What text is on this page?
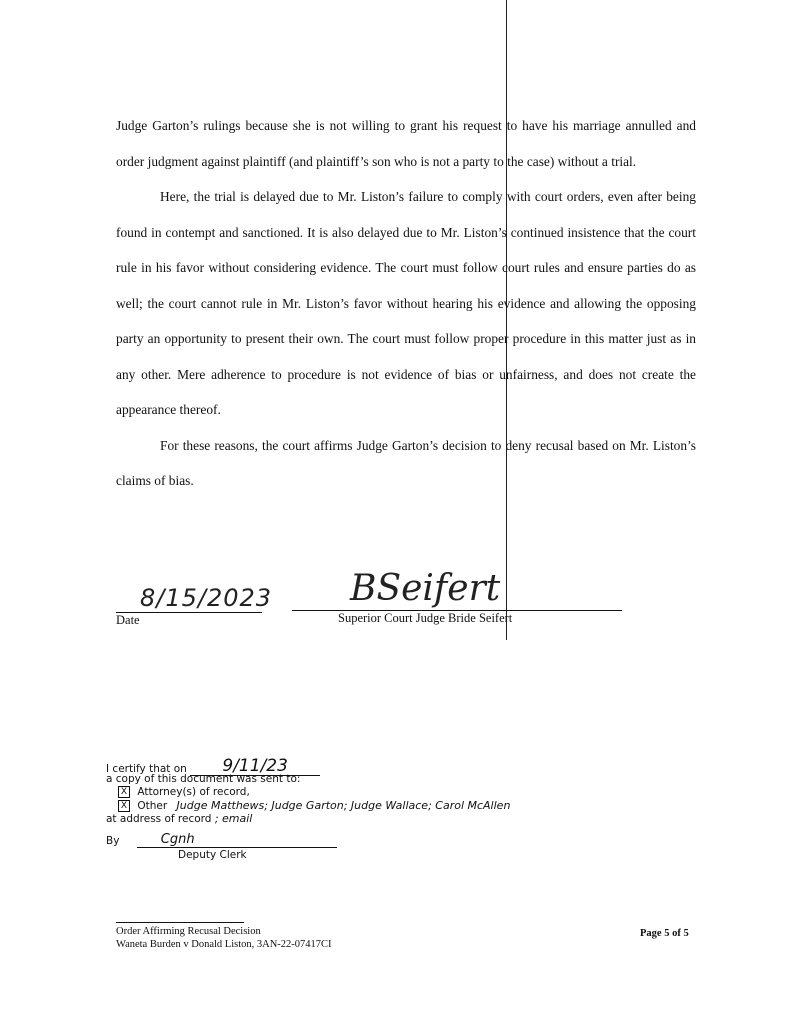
Judge Garton’s rulings because she is not willing to grant his request to have his marriage annulled and order judgment against plaintiff (and plaintiff’s son who is not a party to the case) without a trial.

Here, the trial is delayed due to Mr. Liston’s failure to comply with court orders, even after being found in contempt and sanctioned. It is also delayed due to Mr. Liston’s continued insistence that the court rule in his favor without considering evidence. The court must follow court rules and ensure parties do as well; the court cannot rule in Mr. Liston’s favor without hearing his evidence and allowing the opposing party an opportunity to present their own. The court must follow proper procedure in this matter just as in any other. Mere adherence to procedure is not evidence of bias or unfairness, and does not create the appearance thereof.

For these reasons, the court affirms Judge Garton’s decision to deny recusal based on Mr. Liston’s claims of bias.

8/15/2023 BSeifert
Date	Superior Court Judge Bride Seifert
I certify that on 9/11/23
a copy of this document was sent to:
X Attorney(s) of record,
X Other Judge Matthews; Judge Garton; Judge Wallace; Carol McAllen
at address of record ; email
By	Cgnh
Deputy Clerk
Order Affirming Recusal Decision
Waneta Burden v Donald Liston, 3AN-22-07417CI
Page 5 of 5
